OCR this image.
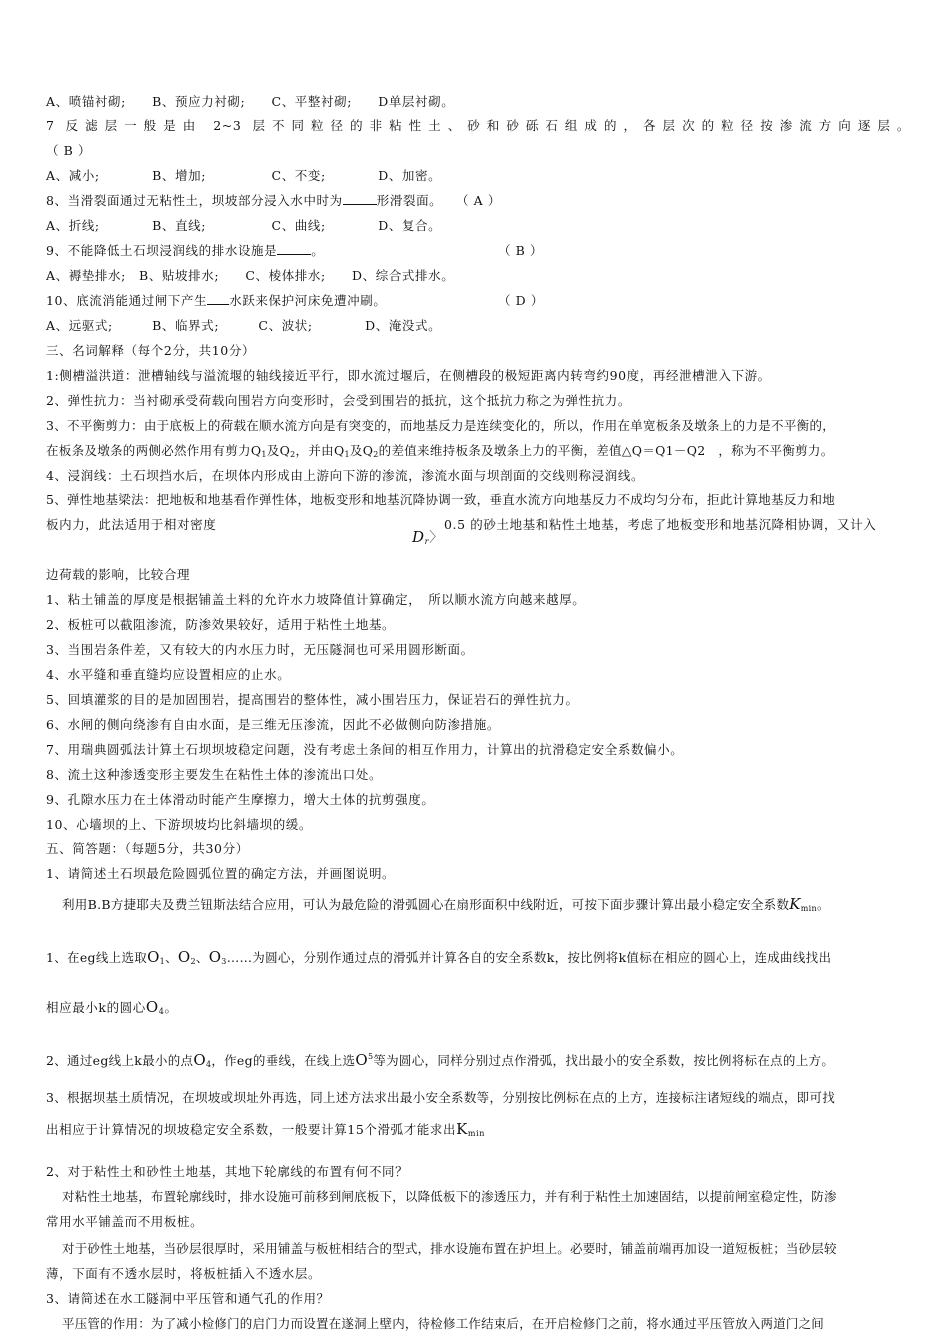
A、喷锚衬砌;　　B、预应力衬砌;　　C、平整衬砌;　　D单层衬砌。
7 反滤层一般是由 2~3 层不同粒径的非粘性土、砂和砂砾石组成的，各层次的粒径按渗流方向逐层。
（ B ）
A、减小;　　　　B、增加;　　　　　C、不变;　　　　D、加密。
8、当滑裂面通过无粘性土，坝坡部分浸入水中时为	形滑裂面。　　（ A ）
A、折线;　　　　B、直线;　　　　　C、曲线;　　　　D、复合。
9、不能降低土石坝浸润线的排水设施是	。	（ B ）
A、褥垫排水;　B、贴坡排水;　　C、棱体排水;　　D、综合式排水。
10、底流消能通过闸下产生 水跃来保护河床免遭冲刷。	（ D ）
A、远驱式;　　　B、临界式;　　　C、波状;　　　　D、淹没式。
三、名词解释（每个2分，共10分）
1:侧槽溢洪道：泄槽轴线与溢流堰的轴线接近平行，即水流过堰后，在侧槽段的极短距离内转弯约90度，再经泄槽泄入下游。
2、弹性抗力：当衬砌承受荷载向围岩方向变形时，会受到围岩的抵抗，这个抵抗力称之为弹性抗力。
3、不平衡剪力：由于底板上的荷载在顺水流方向是有突变的，而地基反力是连续变化的，所以，作用在单宽板条及墩条上的力是不平衡的，
在板条及墩条的两侧必然作用有剪力$Q_1$及$Q_2$，并由$Q_1$及$Q_2$的差值来维持板条及墩条上力的平衡，差值△Q＝Q1－Q2　，称为不平衡剪力。
4、浸润线：土石坝挡水后，在坝体内形成由上游向下游的渗流，渗流水面与坝剖面的交线则称浸润线。
5、弹性地基梁法：把地板和地基看作弹性体，地板变形和地基沉降协调一致，垂直水流方向地基反力不成均匀分布，拒此计算地基反力和地
板内力，此法适用于相对密度	0.5 的砂土地基和粘性土地基，考虑了地板变形和地基沉降相协调，又计入
$D_r$〉
边荷载的影响，比较合理
1、粘土铺盖的厚度是根据铺盖土料的允许水力坡降值计算确定，　所以顺水流方向越来越厚。
2、板桩可以截阻渗流，防渗效果较好，适用于粘性土地基。
3、当围岩条件差，又有较大的内水压力时，无压隧洞也可采用圆形断面。
4、水平缝和垂直缝均应设置相应的止水。
5、回填灌浆的目的是加固围岩，提高围岩的整体性，减小围岩压力，保证岩石的弹性抗力。
6、水闸的侧向绕渗有自由水面，是三维无压渗流，因此不必做侧向防渗措施。
7、用瑞典圆弧法计算土石坝坝坡稳定问题，没有考虑土条间的相互作用力，计算出的抗滑稳定安全系数偏小。
8、流土这种渗透变形主要发生在粘性土体的渗流出口处。
9、孔隙水压力在土体滑动时能产生摩擦力，增大土体的抗剪强度。
10、心墙坝的上、下游坝坡均比斜墙坝的缓。
五、简答题：（每题5分，共30分）
1、请简述土石坝最危险圆弧位置的确定方法，并画图说明。
利用B.B方捷耶夫及费兰钮斯法结合应用，可认为最危险的滑弧圆心在扇形面积中线附近，可按下面步骤计算出最小稳定安全系数$K_{min}$。
1、在eg线上选取$O_1$、$O_2$、$O_3\dots\dots$为圆心，分别作通过点的滑弧并计算各自的安全系数k，按比例将k值标在相应的圆心上，连成曲线找出
相应最小k的圆心$O_4$。
2、通过eg线上k最小的点$O_4$，作eg的垂线，在线上选$O^5$等为圆心，同样分别过点作滑弧，找出最小的安全系数，按比例将标在点的上方。
3、根据坝基土质情况，在坝坡或坝址外再选，同上述方法求出最小安全系数等，分别按比例标在点的上方，连接标注诸短线的端点，即可找
出相应于计算情况的坝坡稳定安全系数，一般要计算15个滑弧才能求出$K_{min}$
2、对于粘性土和砂性土地基，其地下轮廓线的布置有何不同？
对粘性土地基，布置轮廓线时，排水设施可前移到闸底板下，以降低板下的渗透压力，并有利于粘性土加速固结，以提前闸室稳定性，防渗
常用水平铺盖而不用板桩。
对于砂性土地基，当砂层很厚时，采用铺盖与板桩相结合的型式，排水设施布置在护坦上。必要时，铺盖前端再加设一道短板桩；当砂层较
薄，下面有不透水层时，将板桩插入不透水层。
3、请简述在水工隧洞中平压管和通气孔的作用？
平压管的作用：为了减小检修门的启门力而设置在遂洞上壁内，待检修工作结束后，在开启检修门之前，将水通过平压管放入两道门之间
